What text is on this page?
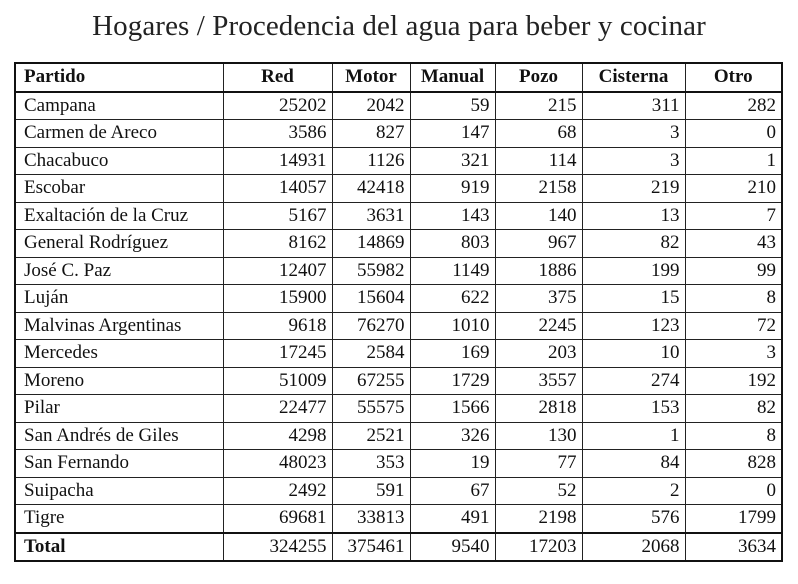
Hogares / Procedencia del agua para beber y cocinar
Partido	Red	Motor	Manual	Pozo	Cisterna	Otro
Campana	25202	2042	59	215	311	282
Carmen de Areco	3586	827	147	68	3	0
Chacabuco	14931	1126	321	114	3	1
Escobar	14057	42418	919	2158	219	210
Exaltación de la Cruz	5167	3631	143	140	13	7
General Rodríguez	8162	14869	803	967	82	43
José C. Paz	12407	55982	1149	1886	199	99
Luján	15900	15604	622	375	15	8
Malvinas Argentinas	9618	76270	1010	2245	123	72
Mercedes	17245	2584	169	203	10	3
Moreno	51009	67255	1729	3557	274	192
Pilar	22477	55575	1566	2818	153	82
San Andrés de Giles	4298	2521	326	130	1	8
San Fernando	48023	353	19	77	84	828
Suipacha	2492	591	67	52	2	0
Tigre	69681	33813	491	2198	576	1799
Total	324255	375461	9540	17203	2068	3634
